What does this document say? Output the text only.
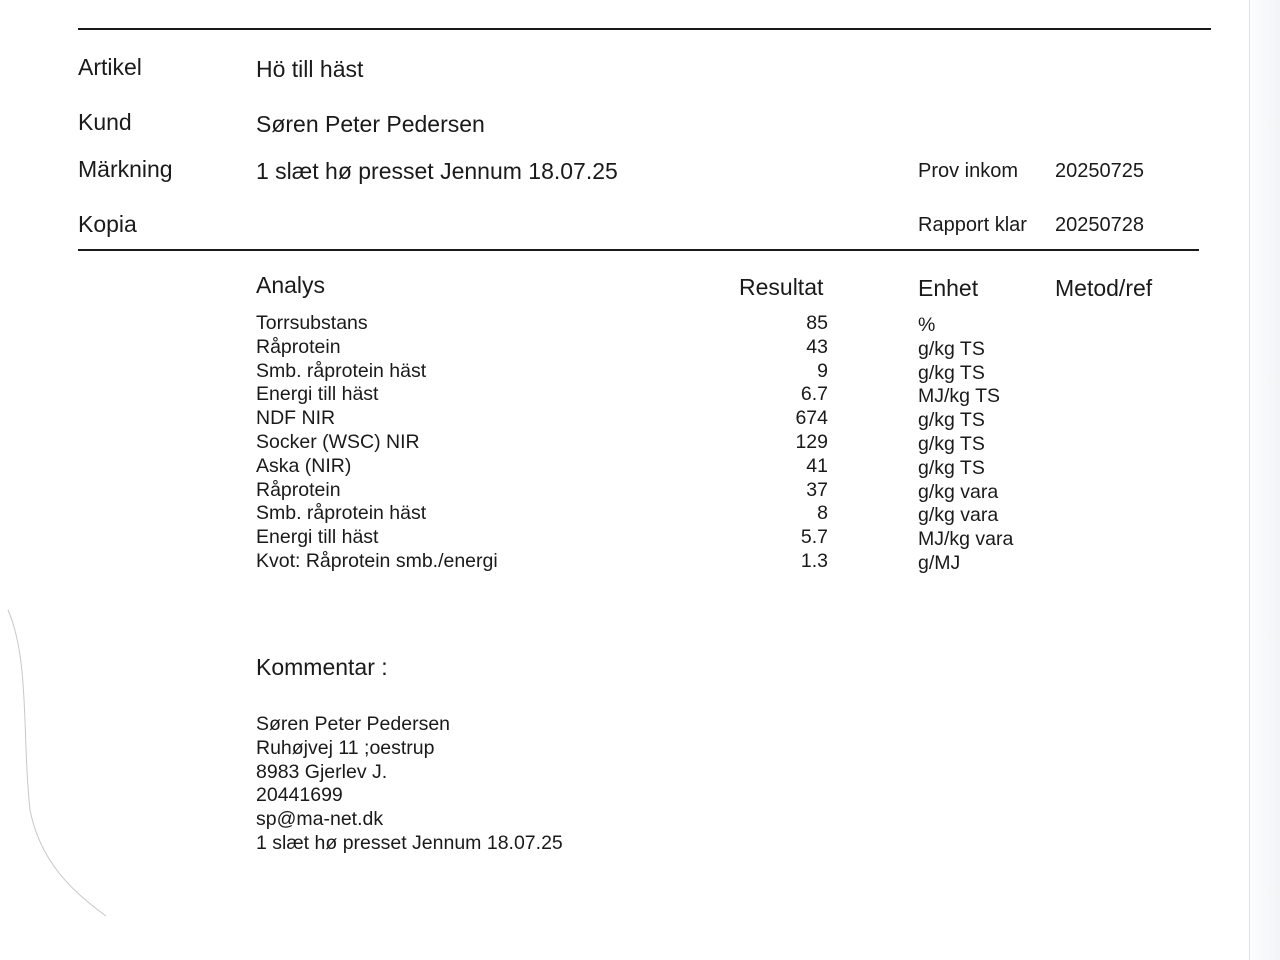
Artikel	Hö till häst
Kund	Søren Peter Pedersen
Märkning	1 slæt hø presset Jennum 18.07.25	Prov inkom 20250725
Kopia	Rapport klar 20250728
Analys	Resultat	Enhet	Metod/ref
Torrsubstans	85	%
Råprotein	43	g/kg TS
Smb. råprotein häst	9	g/kg TS
Energi till häst	6.7	MJ/kg TS
NDF NIR	674	g/kg TS
Socker (WSC) NIR	129	g/kg TS
Aska (NIR)	41	g/kg TS
Råprotein	37	g/kg vara
Smb. råprotein häst	8	g/kg vara
Energi till häst	5.7	MJ/kg vara
Kvot: Råprotein smb./energi	1.3	g/MJ
Kommentar :
Søren Peter Pedersen
Ruhøjvej 11 ;oestrup
8983 Gjerlev J.
20441699
sp@ma-net.dk
1 slæt hø presset Jennum 18.07.25
